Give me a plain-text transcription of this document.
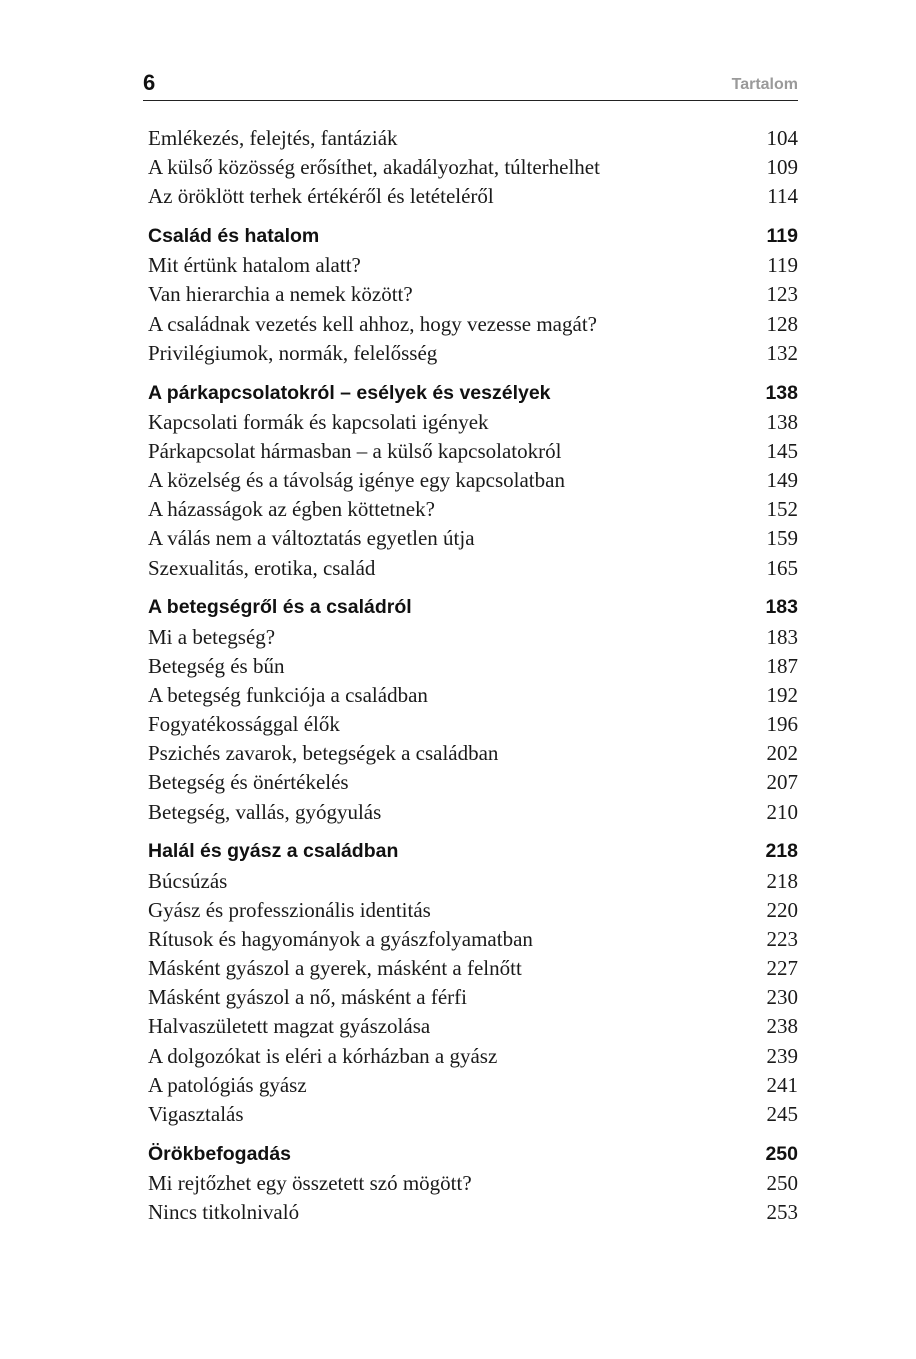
6	Tartalom
Emlékezés, felejtés, fantáziák	104
A külső közösség erősíthet, akadályozhat, túlterhelhet	109
Az öröklött terhek értékéről és letételéről	114
Család és hatalom	119
Mit értünk hatalom alatt?	119
Van hierarchia a nemek között?	123
A családnak vezetés kell ahhoz, hogy vezesse magát?	128
Privilégiumok, normák, felelősség	132
A párkapcsolatokról – esélyek és veszélyek	138
Kapcsolati formák és kapcsolati igények	138
Párkapcsolat hármasban – a külső kapcsolatokról	145
A közelség és a távolság igénye egy kapcsolatban	149
A házasságok az égben köttetnek?	152
A válás nem a változtatás egyetlen útja	159
Szexualitás, erotika, család	165
A betegségről és a családról	183
Mi a betegség?	183
Betegség és bűn	187
A betegség funkciója a családban	192
Fogyatékossággal élők	196
Pszichés zavarok, betegségek a családban	202
Betegség és önértékelés	207
Betegség, vallás, gyógyulás	210
Halál és gyász a családban	218
Búcsúzás	218
Gyász és professzionális identitás	220
Rítusok és hagyományok a gyászfolyamatban	223
Másként gyászol a gyerek, másként a felnőtt	227
Másként gyászol a nő, másként a férfi	230
Halvaszületett magzat gyászolása	238
A dolgozókat is eléri a kórházban a gyász	239
A patológiás gyász	241
Vigasztalás	245
Örökbefogadás	250
Mi rejtőzhet egy összetett szó mögött?	250
Nincs titkolnivaló	253
